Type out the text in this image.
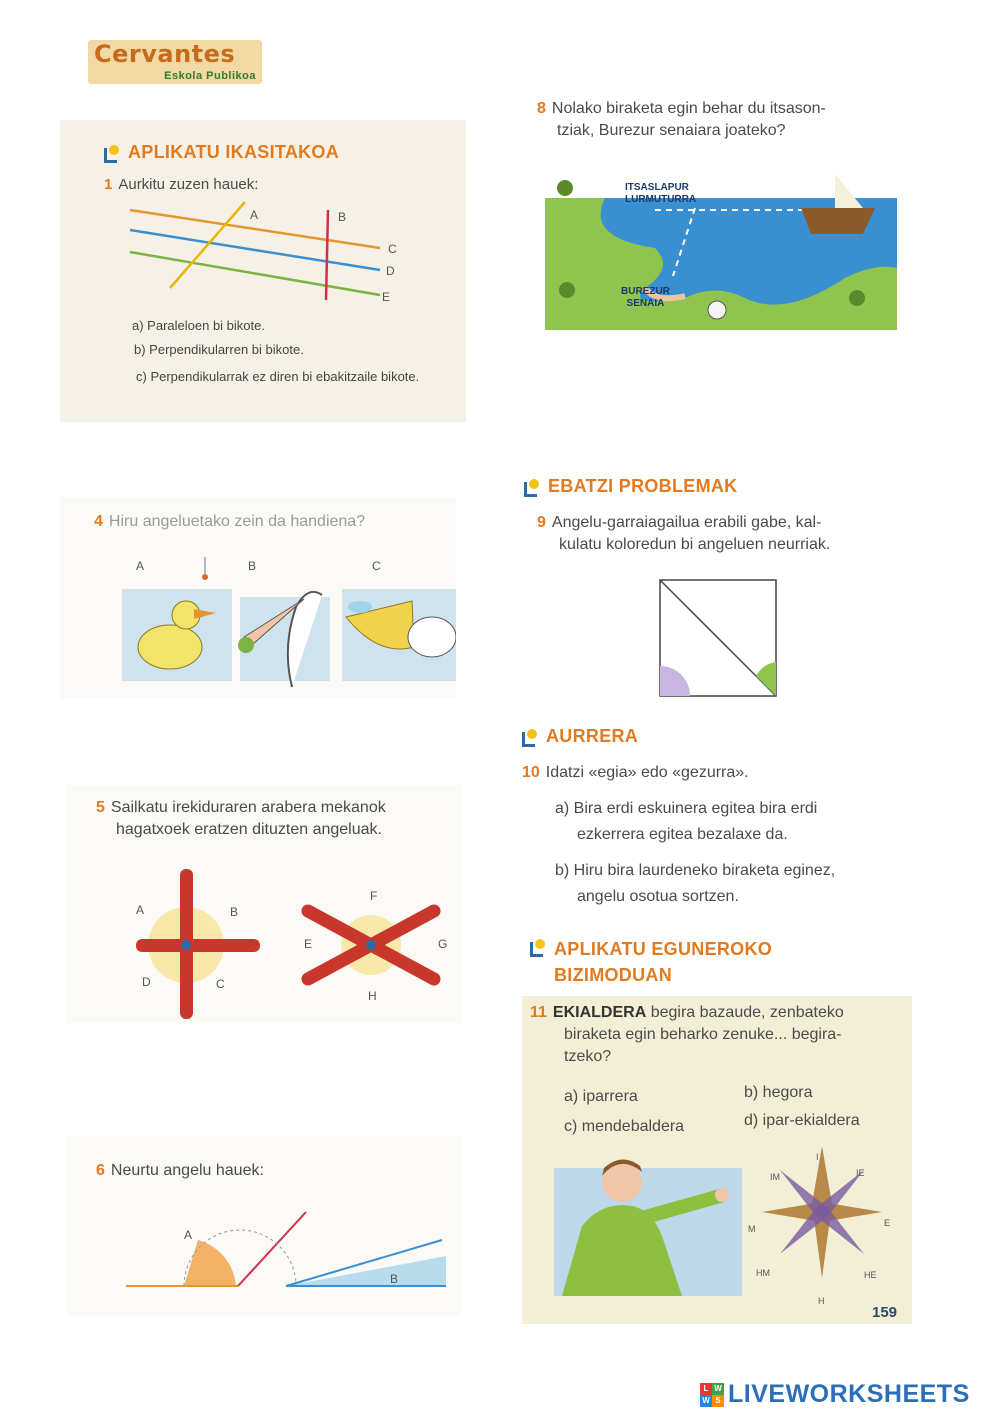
Cervantes
Eskola Publikoa
APLIKATU IKASITAKOA
1 Aurkitu zuzen hauek:
A	B
C
D
E
a) Paraleloen bi bikote.
b) Perpendikularren bi bikote.
c) Perpendikularrak ez diren bi ebakitzaile bikote.
4 Hiru angeluetako zein da handiena?
A	B	C
5 Sailkatu irekiduraren arabera mekanok
hagatxoek eratzen dituzten angeluak.
A	B
C
D
F
E	G
H
6 Neurtu angelu hauek:
A
B
8 Nolako biraketa egin behar du itsason-
tziak, Burezur senaiara joateko?
ITSASLAPUR
LURMUTURRA
BUREZUR
SENAIA
EBATZI PROBLEMAK
9 Angelu-garraiagailua erabili gabe, kal-
kulatu koloredun bi angeluen neurriak.
AURRERA
10 Idatzi «egia» edo «gezurra».
a) Bira erdi eskuinera egitea bira erdi
ezkerrera egitea bezalaxe da.
b) Hiru bira laurdeneko biraketa eginez,
angelu osotua sortzen.
APLIKATU EGUNEROKO
BIZIMODUAN
11 EKIALDERA begira bazaude, zenbateko
biraketa egin beharko zenuke... begira-
tzeko?
a) iparrera	b) hegora
c) mendebaldera	d) ipar-ekialdera
I
IE
E
HE
H
HM
M
IM
159
L W
W S LIVEWORKSHEETS
